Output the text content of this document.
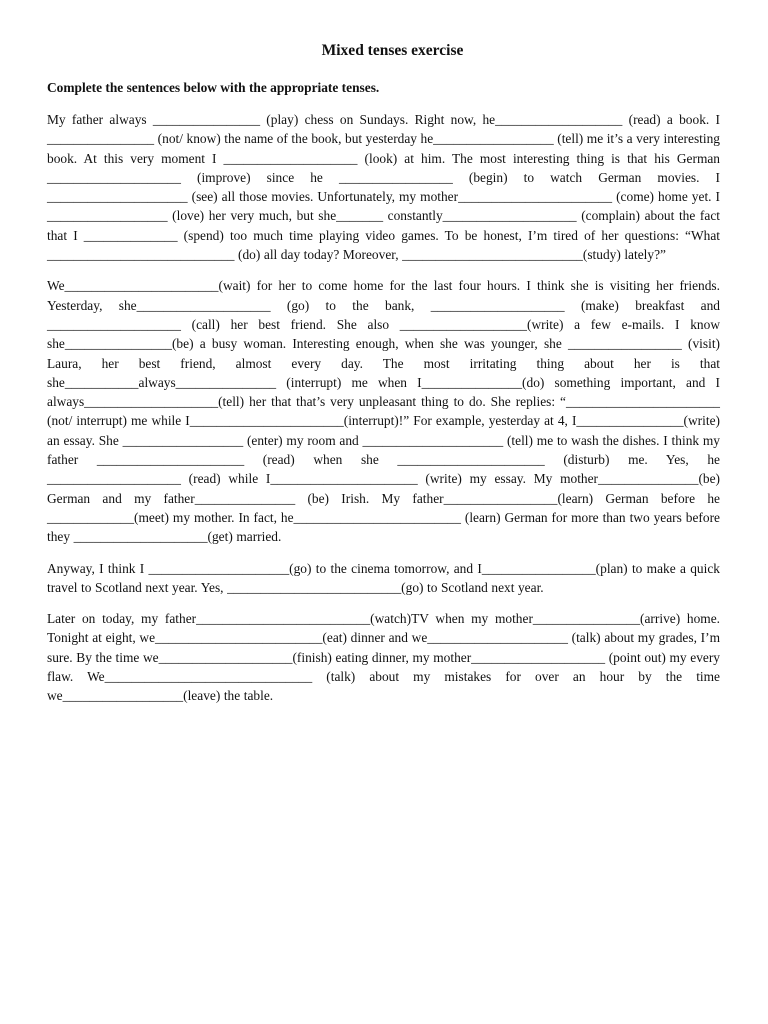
Mixed tenses exercise
Complete the sentences below with the appropriate tenses.

My father always ________________ (play) chess on Sundays. Right now, he___________________ (read) a book. I ________________ (not/ know) the name of the book, but yesterday he__________________ (tell) me it’s a very interesting book. At this very moment I ____________________ (look) at him. The most interesting thing is that his German ____________________ (improve) since he _________________ (begin) to watch German movies. I _____________________ (see) all those movies. Unfortunately, my mother_______________________ (come) home yet. I __________________ (love) her very much, but she_______ constantly____________________ (complain) about the fact that I ______________ (spend) too much time playing video games. To be honest, I’m tired of her questions: “What ____________________________ (do) all day today? Moreover, ___________________________(study) lately?”

We_______________________(wait) for her to come home for the last four hours. I think she is visiting her friends. Yesterday, she____________________ (go) to the bank, ____________________ (make) breakfast and ____________________ (call) her best friend. She also ___________________(write) a few e-mails. I know she________________(be) a busy woman. Interesting enough, when she was younger, she _________________ (visit) Laura, her best friend, almost every day. The most irritating thing about her is that she___________always_______________ (interrupt) me when I_______________(do) something important, and I always____________________(tell) her that that’s very unpleasant thing to do. She replies: “_______________________ (not/ interrupt) me while I_______________________(interrupt)!” For example, yesterday at 4, I________________(write) an essay. She __________________ (enter) my room and _____________________ (tell) me to wash the dishes. I think my father ______________________ (read) when she ______________________ (disturb) me. Yes, he ____________________ (read) while I______________________ (write) my essay. My mother_______________(be) German and my father_______________ (be) Irish. My father_________________(learn) German before he _____________(meet) my mother. In fact, he_________________________ (learn) German for more than two years before they ____________________(get) married.

Anyway, I think I _____________________(go) to the cinema tomorrow, and I_________________(plan) to make a quick travel to Scotland next year. Yes, __________________________(go) to Scotland next year.

Later on today, my father__________________________(watch)TV when my mother________________(arrive) home. Tonight at eight, we_________________________(eat) dinner and we_____________________ (talk) about my grades, I’m sure. By the time we____________________(finish) eating dinner, my mother____________________ (point out) my every flaw. We_______________________________ (talk) about my mistakes for over an hour by the time we__________________(leave) the table.
